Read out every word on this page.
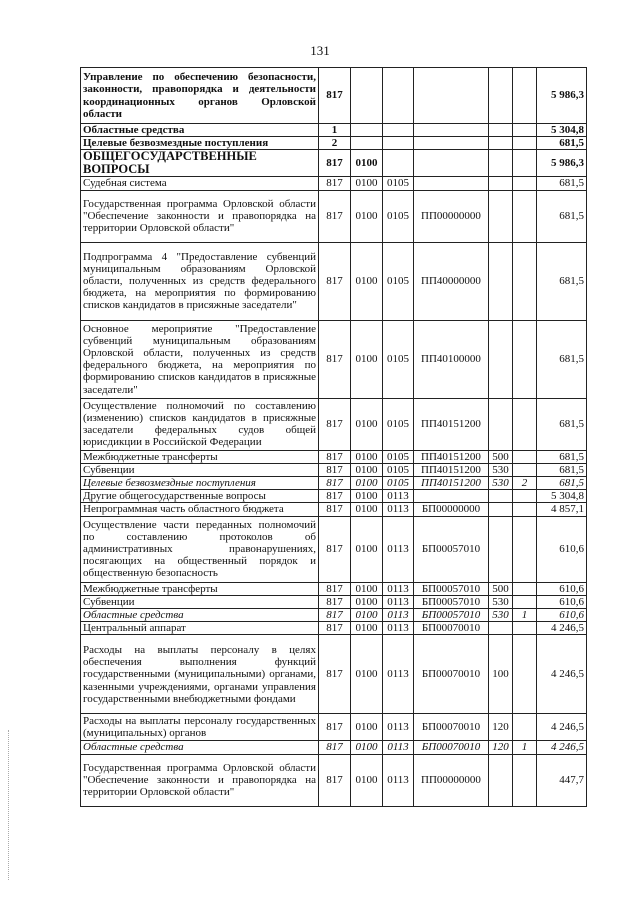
131
Управление по обеспечению безопасности, законности, правопорядка и деятельности координационных органов Орловской области	817						5 986,3
Областные средства	1						5 304,8
Целевые безвозмездные поступления	2						681,5
ОБЩЕГОСУДАРСТВЕННЫЕ ВОПРОСЫ	817	0100					5 986,3
Судебная система	817	0100	0105				681,5
Государственная программа Орловской области "Обеспечение законности и правопорядка на территории Орловской области"	817	0100	0105	ПП00000000			681,5
Подпрограмма 4 "Предоставление субвенций муниципальным образованиям Орловской области, полученных из средств федерального бюджета, на мероприятия по формированию списков кандидатов в присяжные заседатели"	817	0100	0105	ПП40000000			681,5
Основное мероприятие "Предоставление субвенций муниципальным образованиям Орловской области, полученных из средств федерального бюджета, на мероприятия по формированию списков кандидатов в присяжные заседатели"	817	0100	0105	ПП40100000			681,5
Осуществление полномочий по составлению (изменению) списков кандидатов в присяжные заседатели федеральных судов общей юрисдикции в Российской Федерации	817	0100	0105	ПП40151200			681,5
Межбюджетные трансферты	817	0100	0105	ПП40151200	500		681,5
Субвенции	817	0100	0105	ПП40151200	530		681,5
Целевые безвозмездные поступления	817	0100	0105	ПП40151200	530	2	681,5
Другие общегосударственные вопросы	817	0100	0113				5 304,8
Непрограммная часть областного бюджета	817	0100	0113	БП00000000			4 857,1
Осуществление части переданных полномочий по составлению протоколов об административных правонарушениях, посягающих на общественный порядок и общественную безопасность	817	0100	0113	БП00057010			610,6
Межбюджетные трансферты	817	0100	0113	БП00057010	500		610,6
Субвенции	817	0100	0113	БП00057010	530		610,6
Областные средства	817	0100	0113	БП00057010	530	1	610,6
Центральный аппарат	817	0100	0113	БП00070010			4 246,5
Расходы на выплаты персоналу в целях обеспечения выполнения функций государственными (муниципальными) органами, казенными учреждениями, органами управления государственными внебюджетными фондами	817	0100	0113	БП00070010	100		4 246,5
Расходы на выплаты персоналу государственных (муниципальных) органов	817	0100	0113	БП00070010	120		4 246,5
Областные средства	817	0100	0113	БП00070010	120	1	4 246,5
Государственная программа Орловской области "Обеспечение законности и правопорядка на территории Орловской области"	817	0100	0113	ПП00000000			447,7
